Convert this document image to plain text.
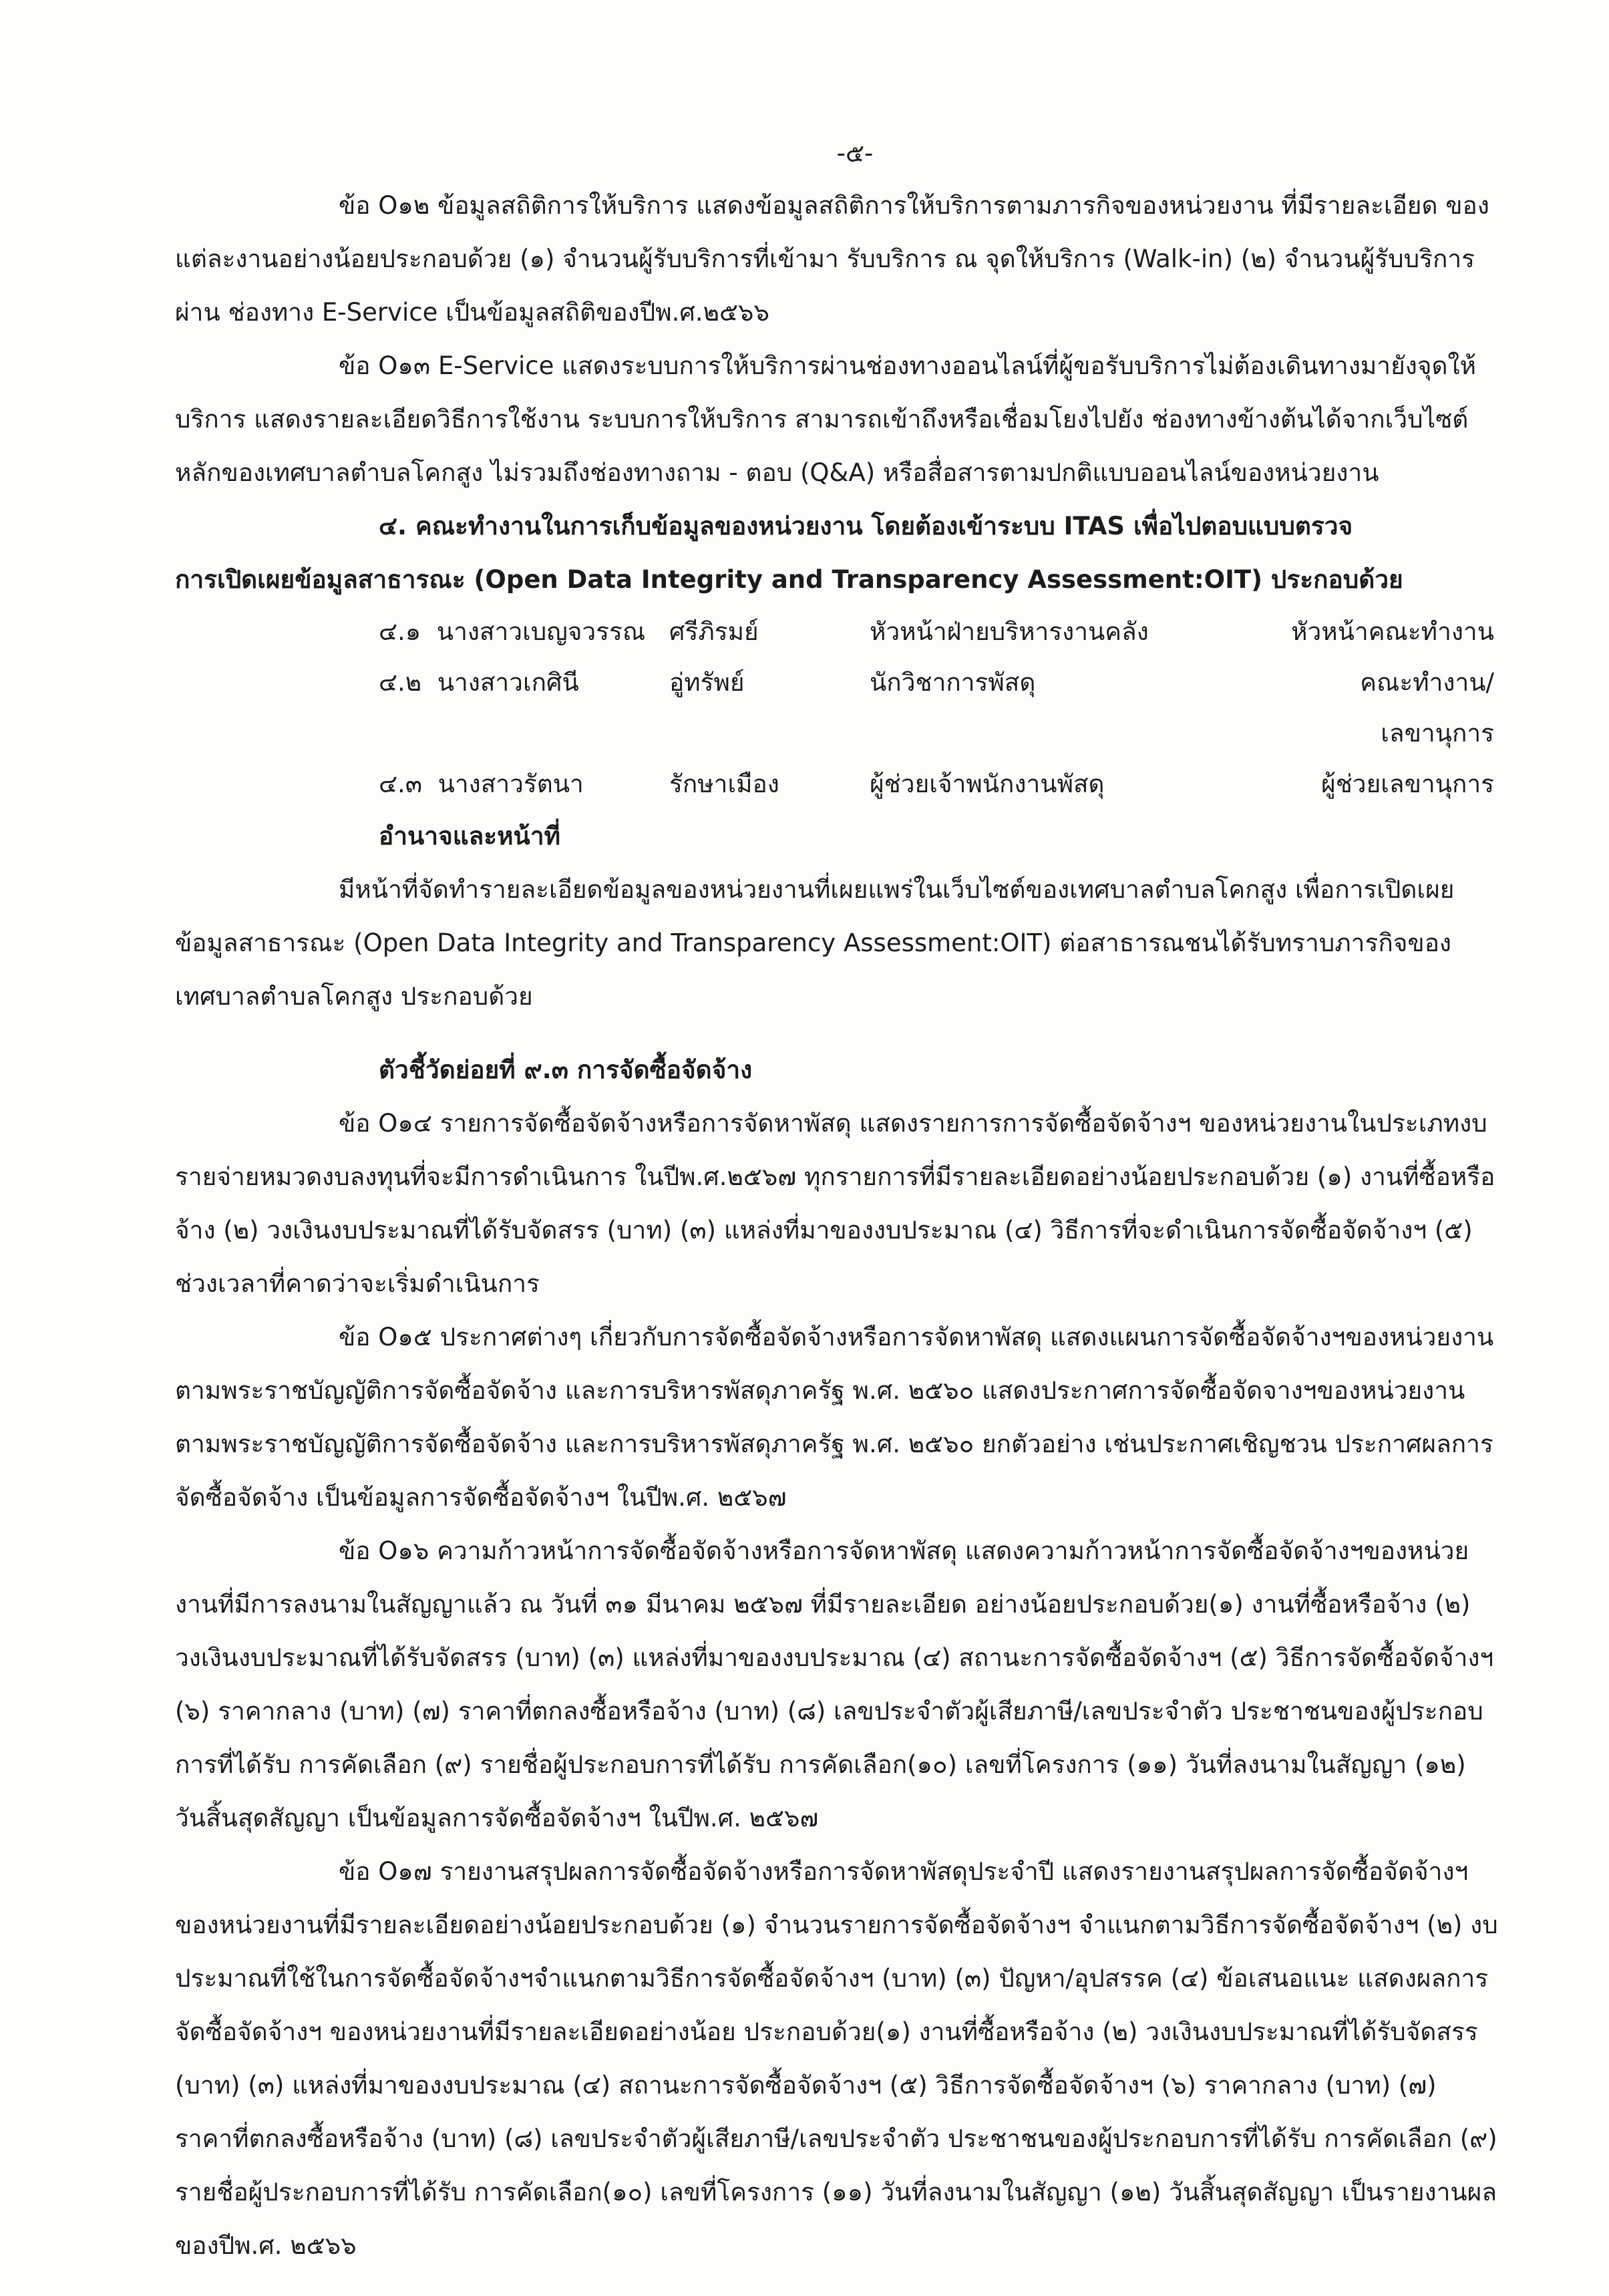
-๕-

ข้อ O๑๒ ข้อมูลสถิติการให้บริการ แสดงข้อมูลสถิติการให้บริการตามภารกิจของหน่วยงาน ที่มีรายละเอียด ของแต่ละงานอย่างน้อยประกอบด้วย (๑) จำนวนผู้รับบริการที่เข้ามา รับบริการ ณ จุดให้บริการ (Walk-in) (๒) จำนวนผู้รับบริการผ่าน ช่องทาง E-Service เป็นข้อมูลสถิติของปีพ.ศ.๒๕๖๖

ข้อ O๑๓ E-Service แสดงระบบการให้บริการผ่านช่องทางออนไลน์ที่ผู้ขอรับบริการไม่ต้องเดินทางมายังจุดให้บริการ แสดงรายละเอียดวิธีการใช้งาน ระบบการให้บริการ สามารถเข้าถึงหรือเชื่อมโยงไปยัง ช่องทางข้างต้นได้จากเว็บไซต์หลักของเทศบาลตำบลโคกสูง ไม่รวมถึงช่องทางถาม - ตอบ (Q&A) หรือสื่อสารตามปกติแบบออนไลน์ของหน่วยงาน

๔. คณะทำงานในการเก็บข้อมูลของหน่วยงาน โดยต้องเข้าระบบ ITAS เพื่อไปตอบแบบตรวจ

การเปิดเผยข้อมูลสาธารณะ (Open Data Integrity and Transparency Assessment:OIT) ประกอบด้วย

๔.๑ นางสาวเบญจวรรณ ศรีภิรมย์	หัวหน้าฝ่ายบริหารงานคลัง	หัวหน้าคณะทำงาน
๔.๒ นางสาวเกศินี	อู่ทรัพย์	นักวิชาการพัสดุ	คณะทำงาน/เลขานุการ
๔.๓ นางสาวรัตนา	รักษาเมือง	ผู้ช่วยเจ้าพนักงานพัสดุ	ผู้ช่วยเลขานุการ

อำนาจและหน้าที่

มีหน้าที่จัดทำรายละเอียดข้อมูลของหน่วยงานที่เผยแพร่ในเว็บไซต์ของเทศบาลตำบลโคกสูง เพื่อการเปิดเผยข้อมูลสาธารณะ (Open Data Integrity and Transparency Assessment:OIT) ต่อสาธารณชนได้รับทราบภารกิจของเทศบาลตำบลโคกสูง ประกอบด้วย

ตัวชี้วัดย่อยที่ ๙.๓ การจัดซื้อจัดจ้าง

ข้อ O๑๔ รายการจัดซื้อจัดจ้างหรือการจัดหาพัสดุ แสดงรายการการจัดซื้อจัดจ้างฯ ของหน่วยงานในประเภทงบรายจ่ายหมวดงบลงทุนที่จะมีการดำเนินการ ในปีพ.ศ.๒๕๖๗ ทุกรายการที่มีรายละเอียดอย่างน้อยประกอบด้วย (๑) งานที่ซื้อหรือจ้าง (๒) วงเงินงบประมาณที่ได้รับจัดสรร (บาท) (๓) แหล่งที่มาของงบประมาณ (๔) วิธีการที่จะดำเนินการจัดซื้อจัดจ้างฯ (๕) ช่วงเวลาที่คาดว่าจะเริ่มดำเนินการ

ข้อ O๑๕ ประกาศต่างๆ เกี่ยวกับการจัดซื้อจัดจ้างหรือการจัดหาพัสดุ แสดงแผนการจัดซื้อจัดจ้างฯของหน่วยงาน ตามพระราชบัญญัติการจัดซื้อจัดจ้าง และการบริหารพัสดุภาครัฐ พ.ศ. ๒๕๖๐ แสดงประกาศการจัดซื้อจัดจางฯของหน่วยงาน ตามพระราชบัญญัติการจัดซื้อจัดจ้าง และการบริหารพัสดุภาครัฐ พ.ศ. ๒๕๖๐ ยกตัวอย่าง เช่นประกาศเชิญชวน ประกาศผลการจัดซื้อจัดจ้าง เป็นข้อมูลการจัดซื้อจัดจ้างฯ ในปีพ.ศ. ๒๕๖๗

ข้อ O๑๖ ความก้าวหน้าการจัดซื้อจัดจ้างหรือการจัดหาพัสดุ แสดงความก้าวหน้าการจัดซื้อจัดจ้างฯของหน่วยงานที่มีการลงนามในสัญญาแล้ว ณ วันที่ ๓๑ มีนาคม ๒๕๖๗ ที่มีรายละเอียด อย่างน้อยประกอบด้วย(๑) งานที่ซื้อหรือจ้าง (๒) วงเงินงบประมาณที่ได้รับจัดสรร (บาท) (๓) แหล่งที่มาของงบประมาณ (๔) สถานะการจัดซื้อจัดจ้างฯ (๕) วิธีการจัดซื้อจัดจ้างฯ (๖) ราคากลาง (บาท) (๗) ราคาที่ตกลงซื้อหรือจ้าง (บาท) (๘) เลขประจำตัวผู้เสียภาษี/เลขประจำตัว ประชาชนของผู้ประกอบการที่ได้รับ การคัดเลือก (๙) รายชื่อผู้ประกอบการที่ได้รับ การคัดเลือก(๑๐) เลขที่โครงการ (๑๑) วันที่ลงนามในสัญญา (๑๒) วันสิ้นสุดสัญญา เป็นข้อมูลการจัดซื้อจัดจ้างฯ ในปีพ.ศ. ๒๕๖๗

ข้อ O๑๗ รายงานสรุปผลการจัดซื้อจัดจ้างหรือการจัดหาพัสดุประจำปี แสดงรายงานสรุปผลการจัดซื้อจัดจ้างฯ ของหน่วยงานที่มีรายละเอียดอย่างน้อยประกอบด้วย (๑) จำนวนรายการจัดซื้อจัดจ้างฯ จำแนกตามวิธีการจัดซื้อจัดจ้างฯ (๒) งบประมาณที่ใช้ในการจัดซื้อจัดจ้างฯจำแนกตามวิธีการจัดซื้อจัดจ้างฯ (บาท) (๓) ปัญหา/อุปสรรค (๔) ข้อเสนอแนะ แสดงผลการจัดซื้อจัดจ้างฯ ของหน่วยงานที่มีรายละเอียดอย่างน้อย ประกอบด้วย(๑) งานที่ซื้อหรือจ้าง (๒) วงเงินงบประมาณที่ได้รับจัดสรร (บาท) (๓) แหล่งที่มาของงบประมาณ (๔) สถานะการจัดซื้อจัดจ้างฯ (๕) วิธีการจัดซื้อจัดจ้างฯ (๖) ราคากลาง (บาท) (๗) ราคาที่ตกลงซื้อหรือจ้าง (บาท) (๘) เลขประจำตัวผู้เสียภาษี/เลขประจำตัว ประชาชนของผู้ประกอบการที่ได้รับ การคัดเลือก (๙) รายชื่อผู้ประกอบการที่ได้รับ การคัดเลือก(๑๐) เลขที่โครงการ (๑๑) วันที่ลงนามในสัญญา (๑๒) วันสิ้นสุดสัญญา เป็นรายงานผลของปีพ.ศ. ๒๕๖๖
